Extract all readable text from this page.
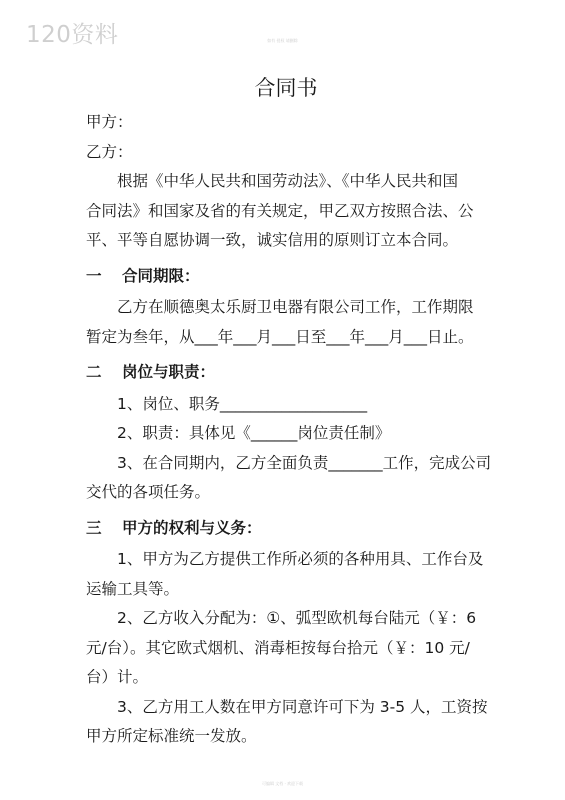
120资料	如有 侵权 请删除
合同书

甲方：

乙方：

根据《中华人民共和国劳动法》、《中华人民共和国

合同法》和国家及省的有关规定，甲乙双方按照合法、公

平、平等自愿协调一致，诚实信用的原则订立本合同。

一 合同期限：

乙方在顺德奥太乐厨卫电器有限公司工作，工作期限

暂定为叁年，从___年___月___日至___年___月___日止。

二 岗位与职责：

1、岗位、职务___________________

2、职责：具体见《______岗位责任制》

3、在合同期内，乙方全面负责_______工作，完成公司

交代的各项任务。

三 甲方的权利与义务：

1、甲方为乙方提供工作所必须的各种用具、工作台及

运输工具等。

2、乙方收入分配为：①、弧型欧机每台陆元（￥：6

元/台）。其它欧式烟机、消毒柜按每台拾元（￥：10 元/

台）计。

3、乙方用工人数在甲方同意许可下为 3-5 人，工资按

甲方所定标准统一发放。

可编辑 文档 · 欢迎下载
